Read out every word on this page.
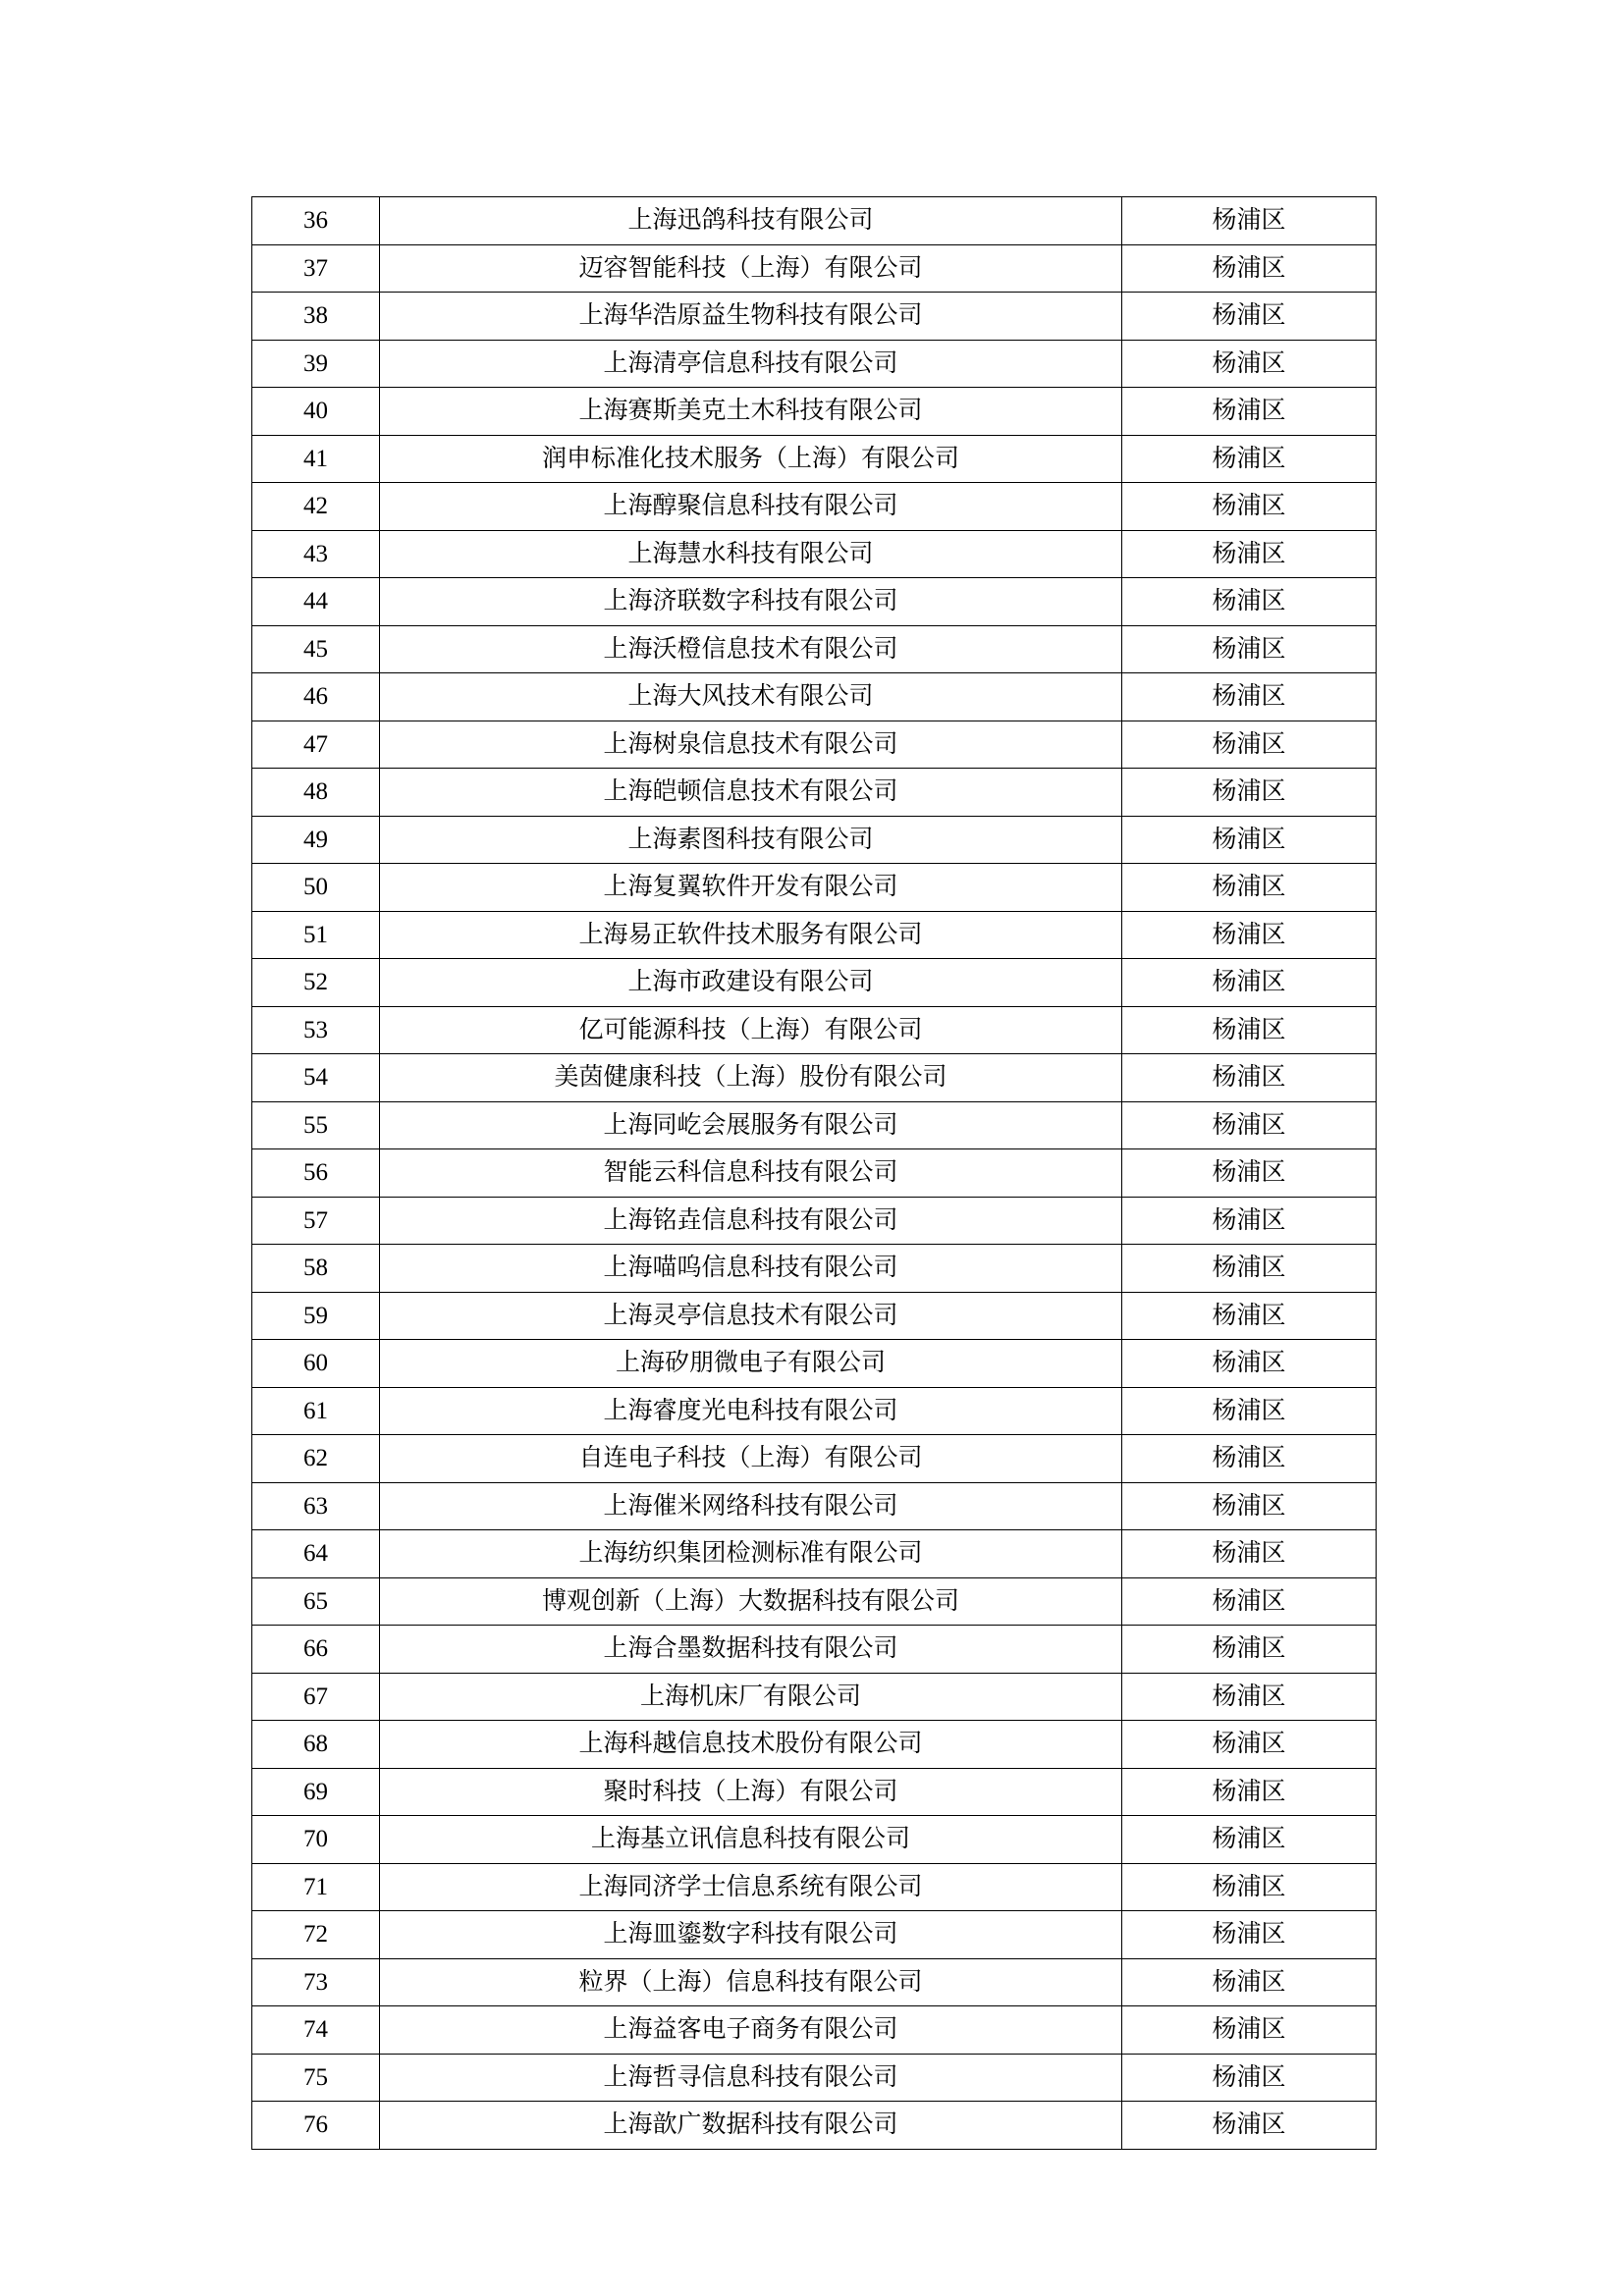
36	上海迅鸽科技有限公司	杨浦区
37	迈容智能科技（上海）有限公司	杨浦区
38	上海华浩原益生物科技有限公司	杨浦区
39	上海清亭信息科技有限公司	杨浦区
40	上海赛斯美克土木科技有限公司	杨浦区
41	润申标准化技术服务（上海）有限公司	杨浦区
42	上海醇聚信息科技有限公司	杨浦区
43	上海慧水科技有限公司	杨浦区
44	上海济联数字科技有限公司	杨浦区
45	上海沃橙信息技术有限公司	杨浦区
46	上海大风技术有限公司	杨浦区
47	上海树泉信息技术有限公司	杨浦区
48	上海皑顿信息技术有限公司	杨浦区
49	上海素图科技有限公司	杨浦区
50	上海复翼软件开发有限公司	杨浦区
51	上海易正软件技术服务有限公司	杨浦区
52	上海市政建设有限公司	杨浦区
53	亿可能源科技（上海）有限公司	杨浦区
54	美茵健康科技（上海）股份有限公司	杨浦区
55	上海同屹会展服务有限公司	杨浦区
56	智能云科信息科技有限公司	杨浦区
57	上海铭垚信息科技有限公司	杨浦区
58	上海喵呜信息科技有限公司	杨浦区
59	上海灵亭信息技术有限公司	杨浦区
60	上海矽朋微电子有限公司	杨浦区
61	上海睿度光电科技有限公司	杨浦区
62	自连电子科技（上海）有限公司	杨浦区
63	上海催米网络科技有限公司	杨浦区
64	上海纺织集团检测标准有限公司	杨浦区
65	博观创新（上海）大数据科技有限公司	杨浦区
66	上海合墨数据科技有限公司	杨浦区
67	上海机床厂有限公司	杨浦区
68	上海科越信息技术股份有限公司	杨浦区
69	聚时科技（上海）有限公司	杨浦区
70	上海基立讯信息科技有限公司	杨浦区
71	上海同济学士信息系统有限公司	杨浦区
72	上海皿鎏数字科技有限公司	杨浦区
73	粒界（上海）信息科技有限公司	杨浦区
74	上海益客电子商务有限公司	杨浦区
75	上海哲寻信息科技有限公司	杨浦区
76	上海歆广数据科技有限公司	杨浦区
